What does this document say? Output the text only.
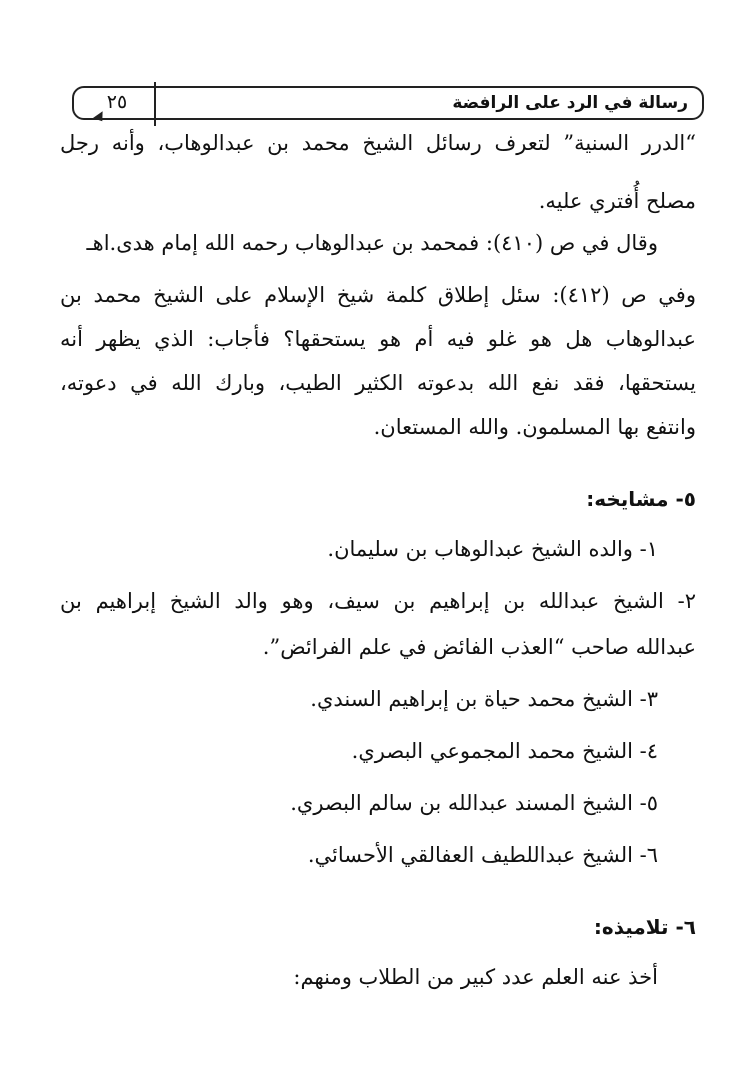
٢٥	رسالة في الرد على الرافضة
“الدرر السنية” لتعرف رسائل الشيخ محمد بن عبدالوهاب، وأنه رجل
مصلح أُفتري عليه.
وقال في ص (٤١٠): فمحمد بن عبدالوهاب رحمه الله إمام هدى.اهـ
وفي ص (٤١٢): سئل إطلاق كلمة شيخ الإسلام على الشيخ محمد بن
عبدالوهاب هل هو غلو فيه أم هو يستحقها؟ فأجاب: الذي يظهر أنه
يستحقها، فقد نفع الله بدعوته الكثير الطيب، وبارك الله في دعوته،
وانتفع بها المسلمون. والله المستعان.
٥- مشايخه:
١- والده الشيخ عبدالوهاب بن سليمان.
٢- الشيخ عبدالله بن إبراهيم بن سيف، وهو والد الشيخ إبراهيم بن
عبدالله صاحب “العذب الفائض في علم الفرائض”.
٣- الشيخ محمد حياة بن إبراهيم السندي.
٤- الشيخ محمد المجموعي البصري.
٥- الشيخ المسند عبدالله بن سالم البصري.
٦- الشيخ عبداللطيف العفالقي الأحسائي.
٦- تلاميذه:
أخذ عنه العلم عدد كبير من الطلاب ومنهم:
